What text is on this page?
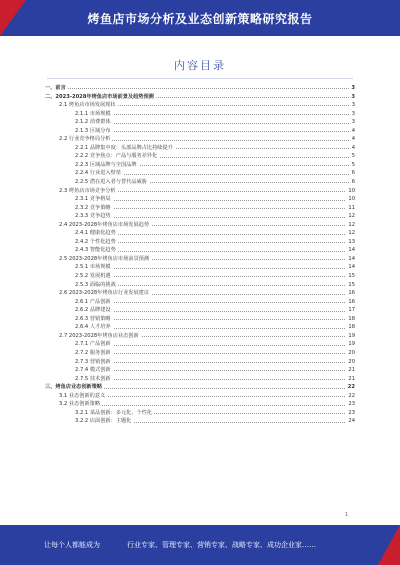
烤鱼店市场分析及业态创新策略研究报告
内容目录
一、前言	3
二、2023-2028年烤鱼店市场前景及趋势预测	3
2.1 烤鱼店市场发展现状	3
2.1.1 市场规模	3
2.1.2 消费群体	3
2.1.3 区域分布	4
2.2 行业竞争格局分析	4
2.2.1 品牌集中度：头部品牌占比持续提升	4
2.2.2 竞争焦点：产品与服务差异化	5
2.2.3 区域品牌与全国品牌	5
2.2.4 行业进入壁垒	6
2.2.5 潜在进入者与替代品威胁	6
2.3 烤鱼店市场竞争分析	10
2.3.1 竞争格局	10
2.3.2 竞争策略	11
2.3.3 竞争趋势	12
2.4 2023-2028年烤鱼店市场发展趋势	12
2.4.1 健康化趋势	12
2.4.2 个性化趋势	13
2.4.3 智能化趋势	14
2.5 2023-2028年烤鱼店市场前景预测	14
2.5.1 市场规模	14
2.5.2 发展机遇	15
2.5.3 面临的挑战	15
2.6 2023-2028年烤鱼店行业发展建议	16
2.6.1 产品创新	16
2.6.2 品牌建设	17
2.6.3 营销策略	18
2.6.4 人才培养	18
2.7 2023-2028年烤鱼店业态创新	19
2.7.1 产品创新	19
2.7.2 服务创新	20
2.7.3 营销创新	20
2.7.4 模式创新	21
2.7.5 技术创新	21
三、烤鱼店业态创新策略	22
3.1 业态创新的意义	22
3.2 业态创新策略	23
3.2.1 菜品创新：多元化、个性化	23
3.2.2 店面创新：主题化	24
1
让每个人都能成为	行业专家、管理专家、营销专家、战略专家、成功企业家……
